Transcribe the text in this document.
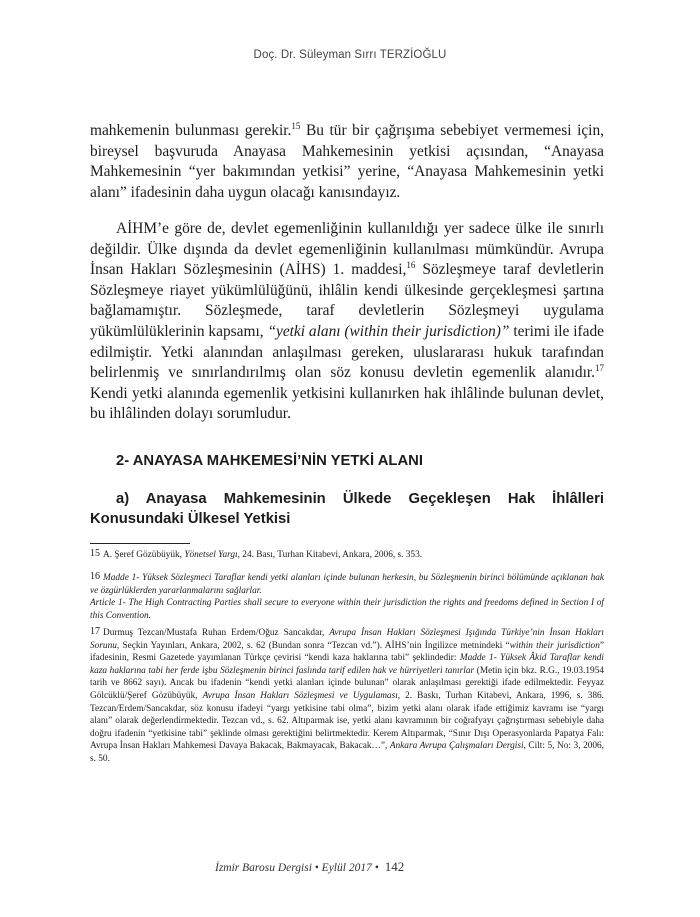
Doç. Dr. Süleyman Sırrı TERZİOĞLU

mahkemenin bulunması gerekir.$^{15}$ Bu tür bir çağrışıma sebebiyet vermemesi için, bireysel başvuruda Anayasa Mahkemesinin yetkisi açısından, “Anayasa Mahkemesinin “yer bakımından yetkisi” yerine, “Anayasa Mahkemesinin yetki alanı” ifadesinin daha uygun olacağı kanısındayız.

AİHM’e göre de, devlet egemenliğinin kullanıldığı yer sadece ülke ile sınırlı değildir. Ülke dışında da devlet egemenliğinin kullanılması mümkündür. Avrupa İnsan Hakları Sözleşmesinin (AİHS) 1. maddesi,$^{16}$ Sözleşmeye taraf devletlerin Sözleşmeye riayet yükümlülüğünü, ihlâlin kendi ülkesinde gerçekleşmesi şartına bağlamamıştır. Sözleşmede, taraf devletlerin Sözleşmeyi uygulama yükümlülüklerinin kapsamı, “yetki alanı (within their jurisdiction)” terimi ile ifade edilmiştir. Yetki alanından anlaşılması gereken, uluslararası hukuk tarafından belirlenmiş ve sınırlandırılmış olan söz konusu devletin egemenlik alanıdır.$^{17}$ Kendi yetki alanında egemenlik yetkisini kullanırken hak ihlâlinde bulunan devlet, bu ihlâlinden dolayı sorumludur.

2- ANAYASA MAHKEMESİ’NİN YETKİ ALANI
a) Anayasa Mahkemesinin Ülkede Geçekleşen Hak İhlâlleri Konusundaki Ülkesel Yetkisi

15 A. Şeref Gözübüyük, Yönetsel Yargı, 24. Bası, Turhan Kitabevi, Ankara, 2006, s. 353.

16 Madde 1- Yüksek Sözleşmeci Taraflar kendi yetki alanları içinde bulunan herkesin, bu Sözleşmenin birinci bölümünde açıklanan hak ve özgürlüklerden yararlanmalarını sağlarlar.
Article 1- The High Contracting Parties shall secure to everyone within their jurisdiction the rights and freedoms defined in Section I of this Convention.

17 Durmuş Tezcan/Mustafa Ruhan Erdem/Oğuz Sancakdar, Avrupa İnsan Hakları Sözleşmesi Işığında Türkiye’nin İnsan Hakları Sorunu, Seçkin Yayınları, Ankara, 2002, s. 62 (Bundan sonra “Tezcan vd.”). AİHS’nin İngilizce metnindeki “within their jurisdiction” ifadesinin, Resmi Gazetede yayımlanan Türkçe çevirisi “kendi kaza haklarına tabi” şeklindedir: Madde 1- Yüksek Âkid Taraflar kendi kaza haklarına tabi her ferde işbu Sözleşmenin birinci faslında tarif edilen hak ve hürriyetleri tanırlar (Metin için bkz. R.G., 19.03.1954 tarih ve 8662 sayı). Ancak bu ifadenin “kendi yetki alanları içinde bulunan” olarak anlaşılması gerektiği ifade edilmektedir. Feyyaz Gölcüklü/Şeref Gözübüyük, Avrupa İnsan Hakları Sözleşmesi ve Uygulaması, 2. Baskı, Turhan Kitabevi, Ankara, 1996, s. 386. Tezcan/Erdem/Sancakdar, söz konusu ifadeyi “yargı yetkisine tabi olma”, bizim yetki alanı olarak ifade ettiğimiz kavramı ise “yargı alanı” olarak değerlendirmektedir. Tezcan vd., s. 62. Altıparmak ise, yetki alanı kavramının bir coğrafyayı çağrıştırması sebebiyle daha doğru ifadenin “yetkisine tabi” şeklinde olması gerektiğini belirtmektedir. Kerem Altıparmak, “Sınır Dışı Operasyonlarda Papatya Falı: Avrupa İnsan Hakları Mahkemesi Davaya Bakacak, Bakmayacak, Bakacak…”, Ankara Avrupa Çalışmaları Dergisi, Cilt: 5, No: 3, 2006, s. 50.

İzmir Barosu Dergisi • Eylül 2017 • 142
